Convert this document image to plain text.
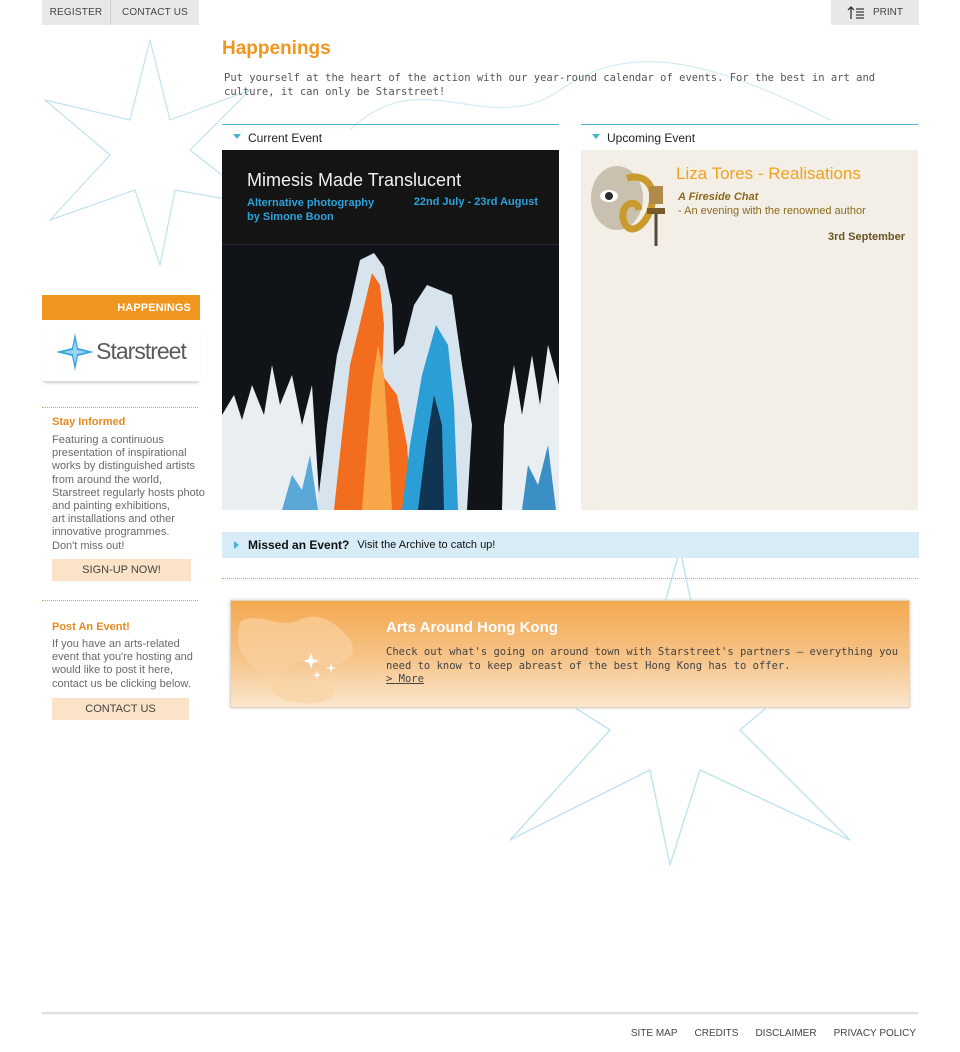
REGISTER	CONTACT US	PRINT
HAPPENINGS
Starstreet
Stay Informed
Featuring a continuous
presentation of inspirational
works by distinguished artists
from around the world,
Starstreet regularly hosts photo
and painting exhibitions,
art installations and other
innovative programmes.
Don't miss out!
SIGN-UP NOW!
Post An Event!
If you have an arts-related
event that you're hosting and
would like to post it here,
contact us be clicking below.
CONTACT US
Happenings
Put yourself at the heart of the action with our year-round calendar of events. For the best in art and culture, it can only be Starstreet!
Current Event	Upcoming Event
Mimesis Made Translucent
Alternative photography
by Simone Boon
22nd July - 23rd August
Liza Tores - Realisations
A Fireside Chat
- An evening with the renowned author
3rd September
Missed an Event? Visit the Archive to catch up!
Arts Around Hong Kong
Check out what's going on around town with Starstreet's partners – everything you need to know to keep abreast of the best Hong Kong has to offer.
> More
SITE MAP CREDITS DISCLAIMER PRIVACY POLICY
